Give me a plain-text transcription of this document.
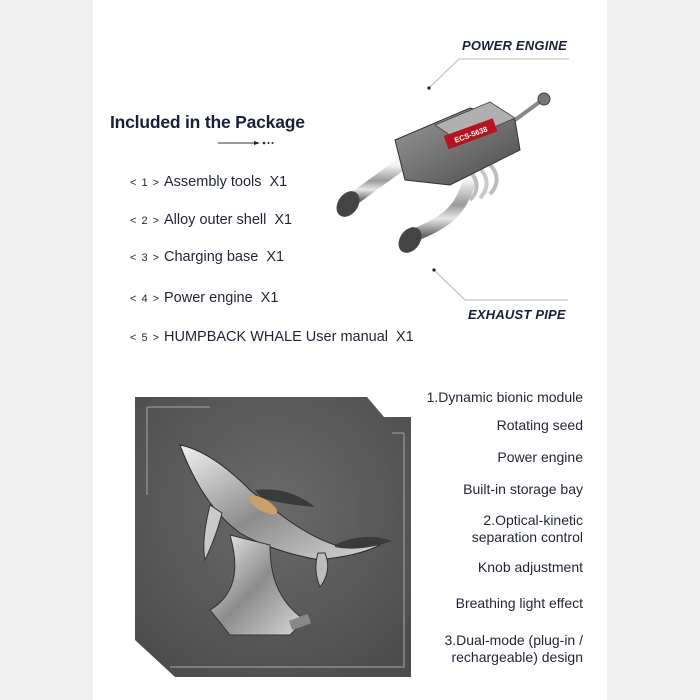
Included in the Package
< 1 > Assembly tools X1
< 2 > Alloy outer shell X1
< 3 > Charging base X1
< 4 > Power engine X1
< 5 > HUMPBACK WHALE User manual X1
POWER ENGINE
EXHAUST PIPE
ECS-5638
1.Dynamic bionic module
Rotating seed
Power engine
Built-in storage bay
2.Optical-kinetic
separation control
Knob adjustment
Breathing light effect
3.Dual-mode (plug-in /
rechargeable) design
